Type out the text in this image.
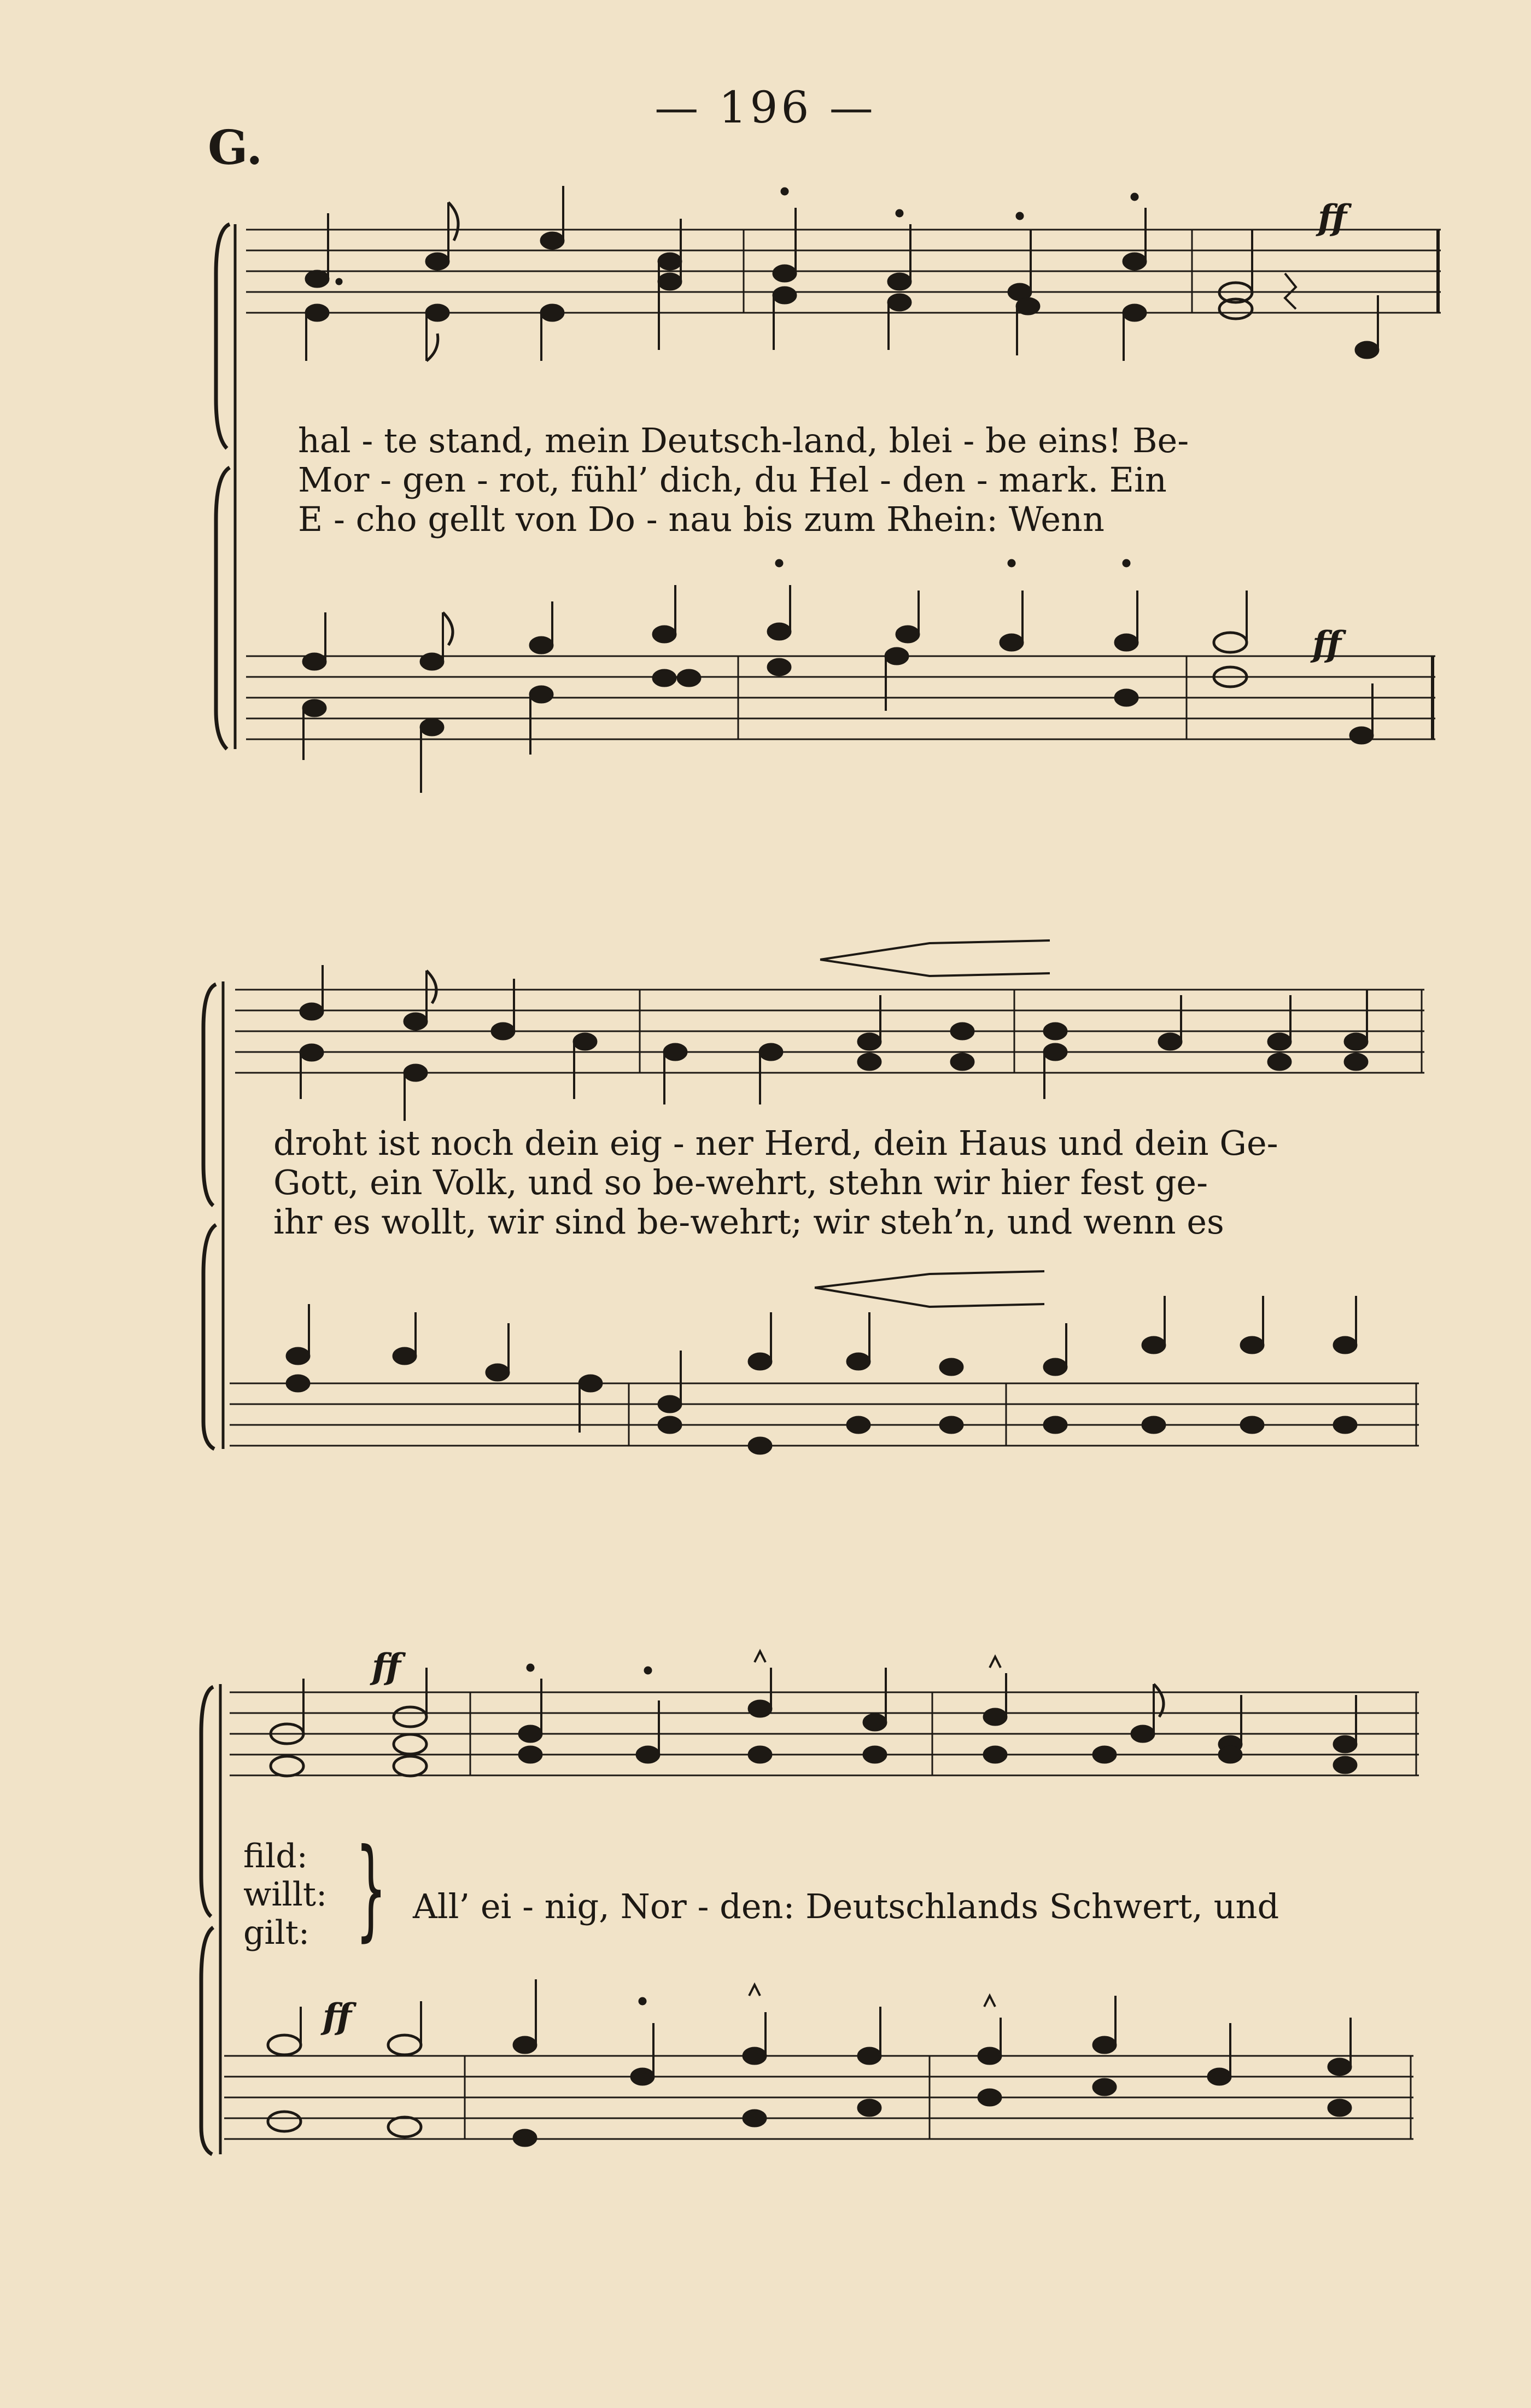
— 196 —
G.
ff
ff
ff
ff
hal - te stand, mein Deutsch-land, blei - be eins! Be-
Mor - gen - rot, fühl’ dich, du Hel - den - mark. Ein
E - cho gellt von Do - nau bis zum Rhein: Wenn
droht ist noch dein eig - ner Herd, dein Haus und dein Ge-
Gott, ein Volk, und so be-wehrt, stehn wir hier fest ge-
ihr es wollt, wir sind be-wehrt; wir steh’n, und wenn es
fild:
willt:
gilt: } All’ ei - nig, Nor - den: Deutschlands Schwert, und
